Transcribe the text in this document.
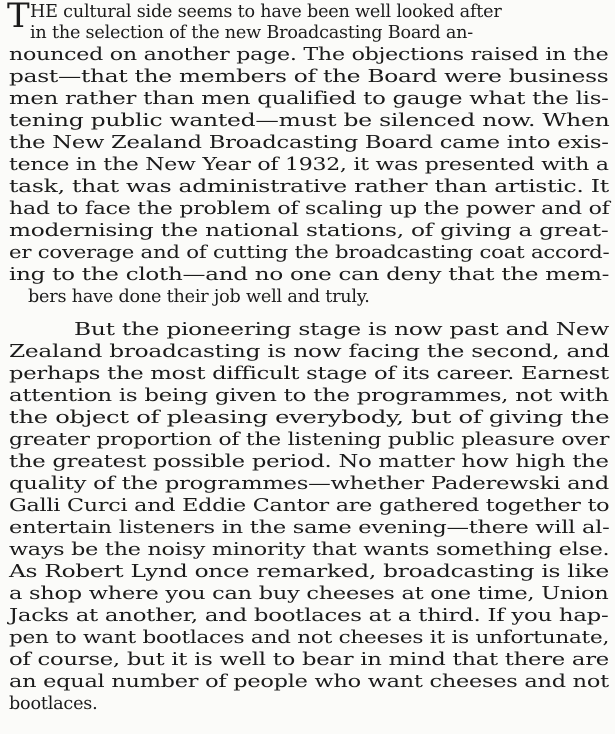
T HE cultural side seems to have been well looked after
in the selection of the new Broadcasting Board an-
nounced on another page. The objections raised in the
past—that the members of the Board were business
men rather than men qualified to gauge what the lis-
tening public wanted—must be silenced now. When
the New Zealand Broadcasting Board came into exis-
tence in the New Year of 1932, it was presented with a
task, that was administrative rather than artistic. It
had to face the problem of scaling up the power and of
modernising the national stations, of giving a great-
er coverage and of cutting the broadcasting coat accord-
ing to the cloth—and no one can deny that the mem-
bers have done their job well and truly.
But the pioneering stage is now past and New
Zealand broadcasting is now facing the second, and
perhaps the most difficult stage of its career. Earnest
attention is being given to the programmes, not with
the object of pleasing everybody, but of giving the
greater proportion of the listening public pleasure over
the greatest possible period. No matter how high the
quality of the programmes—whether Paderewski and
Galli Curci and Eddie Cantor are gathered together to
entertain listeners in the same evening—there will al-
ways be the noisy minority that wants something else.
As Robert Lynd once remarked, broadcasting is like
a shop where you can buy cheeses at one time, Union
Jacks at another, and bootlaces at a third. If you hap-
pen to want bootlaces and not cheeses it is unfortunate,
of course, but it is well to bear in mind that there are
an equal number of people who want cheeses and not
bootlaces.
